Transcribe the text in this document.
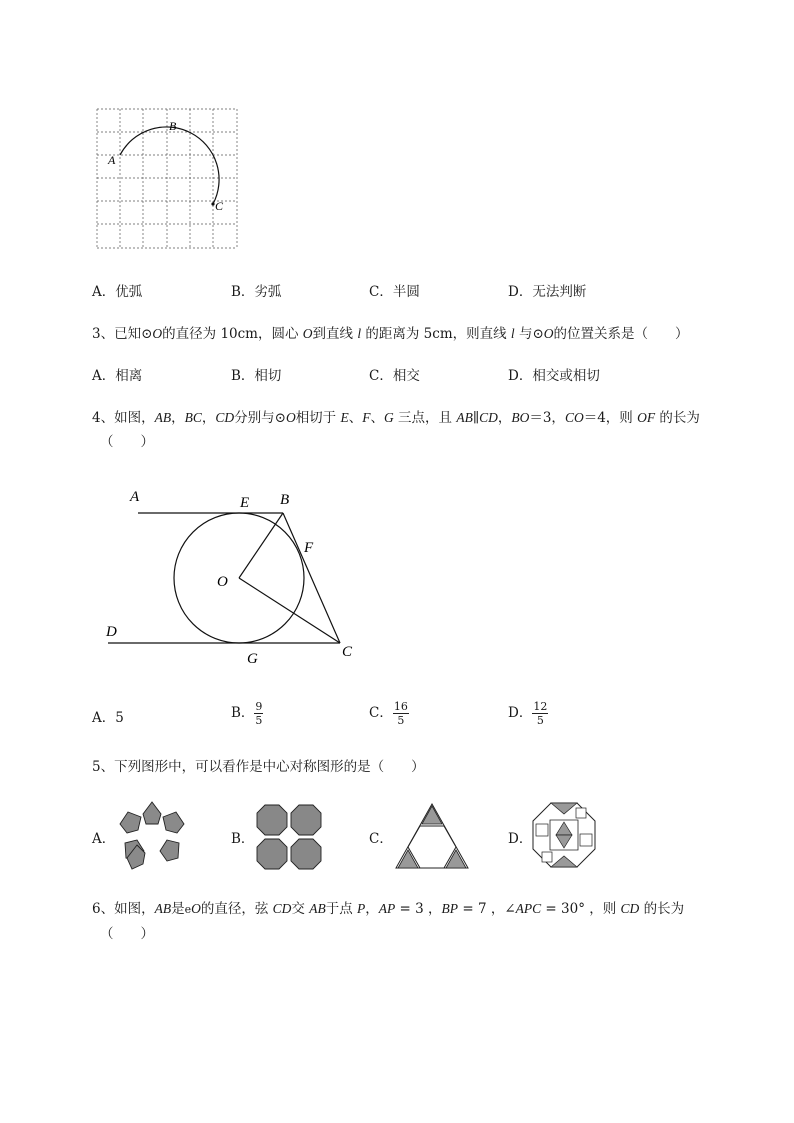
A
B
C
A．优弧	B．劣弧	C．半圆	D．无法判断
3、已知⊙O的直径为 10cm，圆心 O到直线 l 的距离为 5cm，则直线 l 与⊙O的位置关系是（　　）
A．相离	B．相切	C．相交	D．相交或相切
4、如图，AB，BC，CD分别与⊙O相切于 E、F、G 三点，且 AB∥CD，BO＝3，CO＝4，则 OF 的长为
（　　）
A	E B
F
O
D
G	C
A．5	B． $\frac{9}{5}$	C． $\frac{16}{5}$	D． $\frac{12}{5}$
5、下列图形中，可以看作是中心对称图形的是（　　）
A．	B．	C．	D．
6、如图，AB是eO的直径，弦 CD交 AB于点 P，AP = 3 ，BP = 7 ，∠APC = 30° ，则 CD 的长为
（　　）
